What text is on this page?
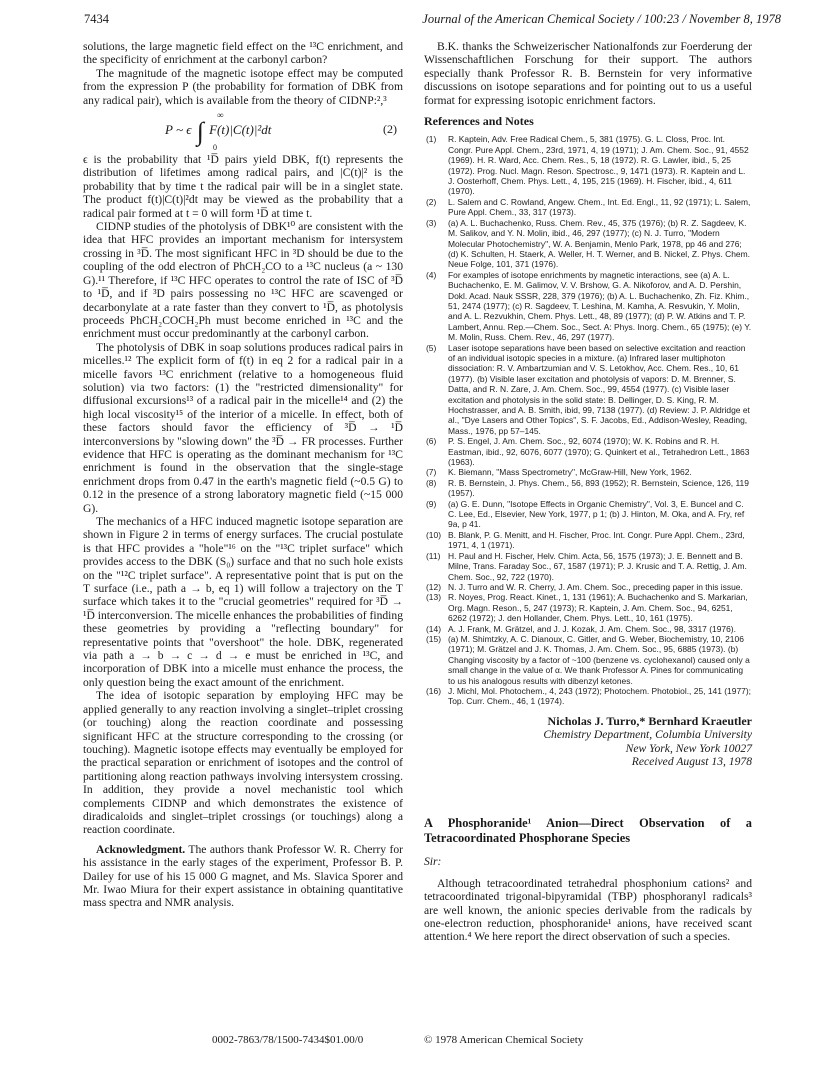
7434	Journal of the American Chemical Society / 100:23 / November 8, 1978

solutions, the large magnetic field effect on the ¹³C enrichment, and the specificity of enrichment at the carbonyl carbon?

The magnitude of the magnetic isotope effect may be computed from the expression P (the probability for formation of DBK from any radical pair), which is available from the theory of CIDNP:²,³

P ~ ϵ ∫ F(t)|C(t)|²dt
∞
0
(2)

ϵ is the probability that ¹D̅ pairs yield DBK, f(t) represents the distribution of lifetimes among radical pairs, and |C(t)|² is the probability that by time t the radical pair will be in a singlet state. The product f(t)|C(t)|²dt may be viewed as the probability that a radical pair formed at t = 0 will form ¹D̅ at time t.

CIDNP studies of the photolysis of DBK¹⁰ are consistent with the idea that HFC provides an important mechanism for intersystem crossing in ³D̅. The most significant HFC in ³D should be due to the coupling of the odd electron of PhCH₂CO to a ¹³C nucleus (a ~ 130 G).¹¹ Therefore, if ¹³C HFC operates to control the rate of ISC of ³D̅ to ¹D̅, and if ³D pairs possessing no ¹³C HFC are scavenged or decarbonylate at a rate faster than they convert to ¹D̅, as photolysis proceeds PhCH₂COCH₂Ph must become enriched in ¹³C and the enrichment must occur predominantly at the carbonyl carbon.

The photolysis of DBK in soap solutions produces radical pairs in micelles.¹² The explicit form of f(t) in eq 2 for a radical pair in a micelle favors ¹³C enrichment (relative to a homogeneous fluid solution) via two factors: (1) the "restricted dimensionality" for diffusional excursions¹³ of a radical pair in the micelle¹⁴ and (2) the high local viscosity¹⁵ of the interior of a micelle. In effect, both of these factors should favor the efficiency of ³D̅ → ¹D̅ interconversions by "slowing down" the ³D̅ → FR processes. Further evidence that HFC is operating as the dominant mechanism for ¹³C enrichment is found in the observation that the single-stage enrichment drops from 0.47 in the earth's magnetic field (~0.5 G) to 0.12 in the presence of a strong laboratory magnetic field (~15 000 G).

The mechanics of a HFC induced magnetic isotope separation are shown in Figure 2 in terms of energy surfaces. The crucial postulate is that HFC provides a "hole"¹⁶ on the "¹³C triplet surface" which provides access to the DBK (S₀) surface and that no such hole exists on the "¹²C triplet surface". A representative point that is put on the T surface (i.e., path a → b, eq 1) will follow a trajectory on the T surface which takes it to the "crucial geometries" required for ³D̅ → ¹D̅ interconversion. The micelle enhances the probabilities of finding these geometries by providing a "reflecting boundary" for representative points that "overshoot" the hole. DBK, regenerated via path a → b → c → d → e must be enriched in ¹³C, and incorporation of DBK into a micelle must enhance the process, the only question being the exact amount of the enrichment.

The idea of isotopic separation by employing HFC may be applied generally to any reaction involving a singlet–triplet crossing (or touching) along the reaction coordinate and possessing significant HFC at the structure corresponding to the crossing (or touching). Magnetic isotope effects may eventually be employed for the practical separation or enrichment of isotopes and the control of partitioning along reaction pathways involving intersystem crossing. In addition, they provide a novel mechanistic tool which complements CIDNP and which demonstrates the existence of diradicaloids and singlet–triplet crossings (or touchings) along a reaction coordinate.

Acknowledgment. The authors thank Professor W. R. Cherry for his assistance in the early stages of the experiment, Professor B. P. Dailey for use of his 15 000 G magnet, and Ms. Slavica Sporer and Mr. Iwao Miura for their expert assistance in obtaining quantitative mass spectra and NMR analysis.

B.K. thanks the Schweizerischer Nationalfonds zur Foerderung der Wissenschaftlichen Forschung for their support. The authors especially thank Professor R. B. Bernstein for very informative discussions on isotope separations and for pointing out to us a useful format for expressing isotopic enrichment factors.

References and Notes
(1)	R. Kaptein, Adv. Free Radical Chem., 5, 381 (1975). G. L. Closs, Proc. Int. Congr. Pure Appl. Chem., 23rd, 1971, 4, 19 (1971); J. Am. Chem. Soc., 91, 4552 (1969). H. R. Ward, Acc. Chem. Res., 5, 18 (1972). R. G. Lawler, ibid., 5, 25 (1972). Prog. Nucl. Magn. Reson. Spectrosc., 9, 1471 (1973). R. Kaptein and L. J. Oosterhoff, Chem. Phys. Lett., 4, 195, 215 (1969). H. Fischer, ibid., 4, 611 (1970).
(2)	L. Salem and C. Rowland, Angew. Chem., Int. Ed. Engl., 11, 92 (1971); L. Salem, Pure Appl. Chem., 33, 317 (1973).
(3)	(a) A. L. Buchachenko, Russ. Chem. Rev., 45, 375 (1976); (b) R. Z. Sagdeev, K. M. Salikov, and Y. N. Molin, ibid., 46, 297 (1977); (c) N. J. Turro, "Modern Molecular Photochemistry", W. A. Benjamin, Menlo Park, 1978, pp 46 and 276; (d) K. Schulten, H. Staerk, A. Weller, H. T. Werner, and B. Nickel, Z. Phys. Chem. Neue Folge, 101, 371 (1976).
(4)	For examples of isotope enrichments by magnetic interactions, see (a) A. L. Buchachenko, E. M. Galimov, V. V. Brshow, G. A. Nikoforov, and A. D. Pershin, Dokl. Acad. Nauk SSSR, 228, 379 (1976); (b) A. L. Buchachenko, Zh. Fiz. Khim., 51, 2474 (1977); (c) R. Sagdeev, T. Leshina, M. Kamha, A. Resvukin, Y. Molin, and A. L. Rezvukhin, Chem. Phys. Lett., 48, 89 (1977); (d) P. W. Atkins and T. P. Lambert, Annu. Rep.—Chem. Soc., Sect. A: Phys. Inorg. Chem., 65 (1975); (e) Y. M. Molin, Russ. Chem. Rev., 46, 297 (1977).
(5)	Laser isotope separations have been based on selective excitation and reaction of an individual isotopic species in a mixture. (a) Infrared laser multiphoton dissociation: R. V. Ambartzumian and V. S. Letokhov, Acc. Chem. Res., 10, 61 (1977). (b) Visible laser excitation and photolysis of vapors: D. M. Brenner, S. Datta, and R. N. Zare, J. Am. Chem. Soc., 99, 4554 (1977). (c) Visible laser excitation and photolysis in the solid state: B. Dellinger, D. S. King, R. M. Hochstrasser, and A. B. Smith, ibid, 99, 7138 (1977). (d) Review: J. P. Aldridge et al., "Dye Lasers and Other Topics", S. F. Jacobs, Ed., Addison-Wesley, Reading, Mass., 1976, pp 57–145.
(6)	P. S. Engel, J. Am. Chem. Soc., 92, 6074 (1970); W. K. Robins and R. H. Eastman, ibid., 92, 6076, 6077 (1970); G. Quinkert et al., Tetrahedron Lett., 1863 (1963).
(7)	K. Biemann, "Mass Spectrometry", McGraw-Hill, New York, 1962.
(8)	R. B. Bernstein, J. Phys. Chem., 56, 893 (1952); R. Bernstein, Science, 126, 119 (1957).
(9)	(a) G. E. Dunn, "Isotope Effects in Organic Chemistry", Vol. 3, E. Buncel and C. C. Lee, Ed., Elsevier, New York, 1977, p 1; (b) J. Hinton, M. Oka, and A. Fry, ref 9a, p 41.
(10) B. Blank, P. G. Menitt, and H. Fischer, Proc. Int. Congr. Pure Appl. Chem., 23rd, 1971, 4, 1 (1971).
(11) H. Paul and H. Fischer, Helv. Chim. Acta, 56, 1575 (1973); J. E. Bennett and B. Milne, Trans. Faraday Soc., 67, 1587 (1971); P. J. Krusic and T. A. Rettig, J. Am. Chem. Soc., 92, 722 (1970).
(12) N. J. Turro and W. R. Cherry, J. Am. Chem. Soc., preceding paper in this issue.
(13) R. Noyes, Prog. React. Kinet., 1, 131 (1961); A. Buchachenko and S. Markarian, Org. Magn. Reson., 5, 247 (1973); R. Kaptein, J. Am. Chem. Soc., 94, 6251, 6262 (1972); J. den Hollander, Chem. Phys. Lett., 10, 161 (1975).
(14) A. J. Frank, M. Grätzel, and J. J. Kozak, J. Am. Chem. Soc., 98, 3317 (1976).
(15) (a) M. Shimtzky, A. C. Dianoux, C. Gitler, and G. Weber, Biochemistry, 10, 2106 (1971); M. Grätzel and J. K. Thomas, J. Am. Chem. Soc., 95, 6885 (1973). (b) Changing viscosity by a factor of ~100 (benzene vs. cyclohexanol) caused only a small change in the value of α. We thank Professor A. Pines for communicating to us his analogous results with dibenzyl ketones.
(16) J. Michl, Mol. Photochem., 4, 243 (1972); Photochem. Photobiol., 25, 141 (1977); Top. Curr. Chem., 46, 1 (1974).
Nicholas J. Turro,* Bernhard Kraeutler
Chemistry Department, Columbia University
New York, New York 10027
Received August 13, 1978
A Phosphoranide¹ Anion—Direct Observation of a Tetracoordinated Phosphorane Species
Sir:

Although tetracoordinated tetrahedral phosphonium cations² and tetracoordinated trigonal-bipyramidal (TBP) phosphoranyl radicals³ are well known, the anionic species derivable from the radicals by one-electron reduction, phosphoranide¹ anions, have received scant attention.⁴ We here report the direct observation of such a species.

0002-7863/78/1500-7434$01.00/0	© 1978 American Chemical Society
